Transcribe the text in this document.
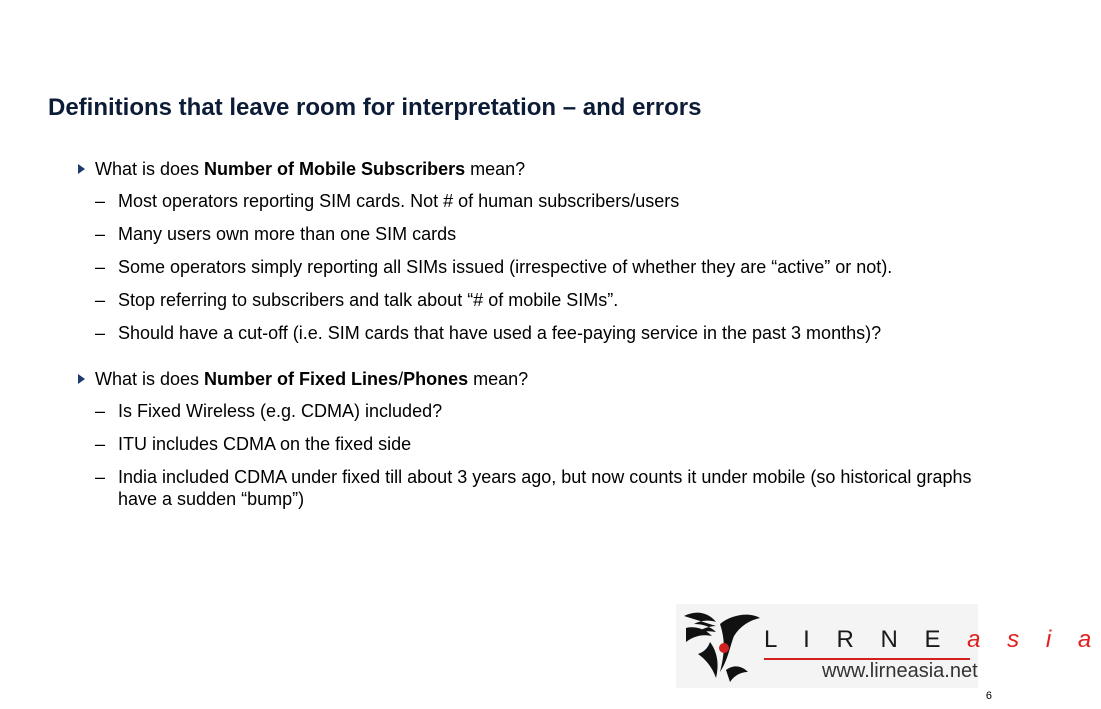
Definitions that leave room for interpretation – and errors
What is does Number of Mobile Subscribers mean?
– Most operators reporting SIM cards. Not # of human subscribers/users
– Many users own more than one SIM cards
– Some operators simply reporting all SIMs issued (irrespective of whether they are “active” or not).
– Stop referring to subscribers and talk about “# of mobile SIMs”.
– Should have a cut-off (i.e. SIM cards that have used a fee-paying service in the past 3 months)?
What is does Number of Fixed Lines/Phones mean?
– Is Fixed Wireless (e.g. CDMA) included?
– ITU includes CDMA on the fixed side
– India included CDMA under fixed till about 3 years ago, but now counts it under mobile (so historical graphs have a sudden “bump”)
L I R N E a s i a
www.lirneasia.net
6
